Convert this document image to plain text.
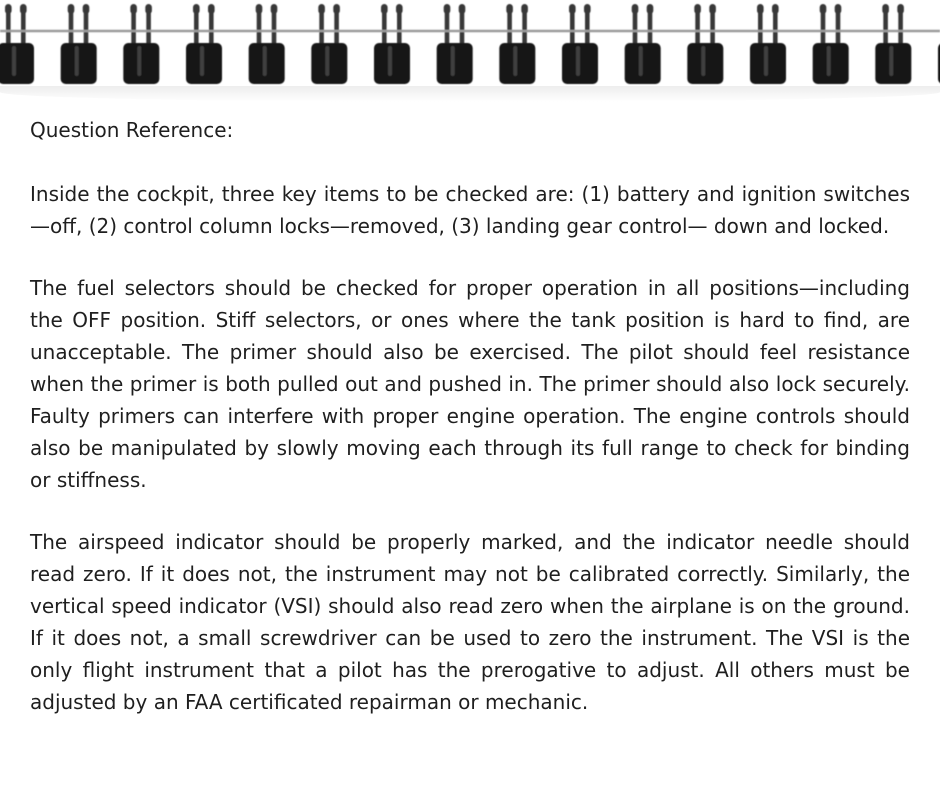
Question Reference:

Inside the cockpit, three key items to be checked are: (1) battery and ignition switches —off, (2) control column locks—removed, (3) landing gear control— down and locked.

The fuel selectors should be checked for proper operation in all positions—including the OFF position. Stiff selectors, or ones where the tank position is hard to find, are unacceptable. The primer should also be exercised. The pilot should feel resistance when the primer is both pulled out and pushed in. The primer should also lock securely. Faulty primers can interfere with proper engine operation. The engine controls should also be manipulated by slowly moving each through its full range to check for binding or stiffness.

The airspeed indicator should be properly marked, and the indicator needle should read zero. If it does not, the instrument may not be calibrated correctly. Similarly, the vertical speed indicator (VSI) should also read zero when the airplane is on the ground. If it does not, a small screwdriver can be used to zero the instrument. The VSI is the only flight instrument that a pilot has the prerogative to adjust. All others must be adjusted by an FAA certificated repairman or mechanic.
